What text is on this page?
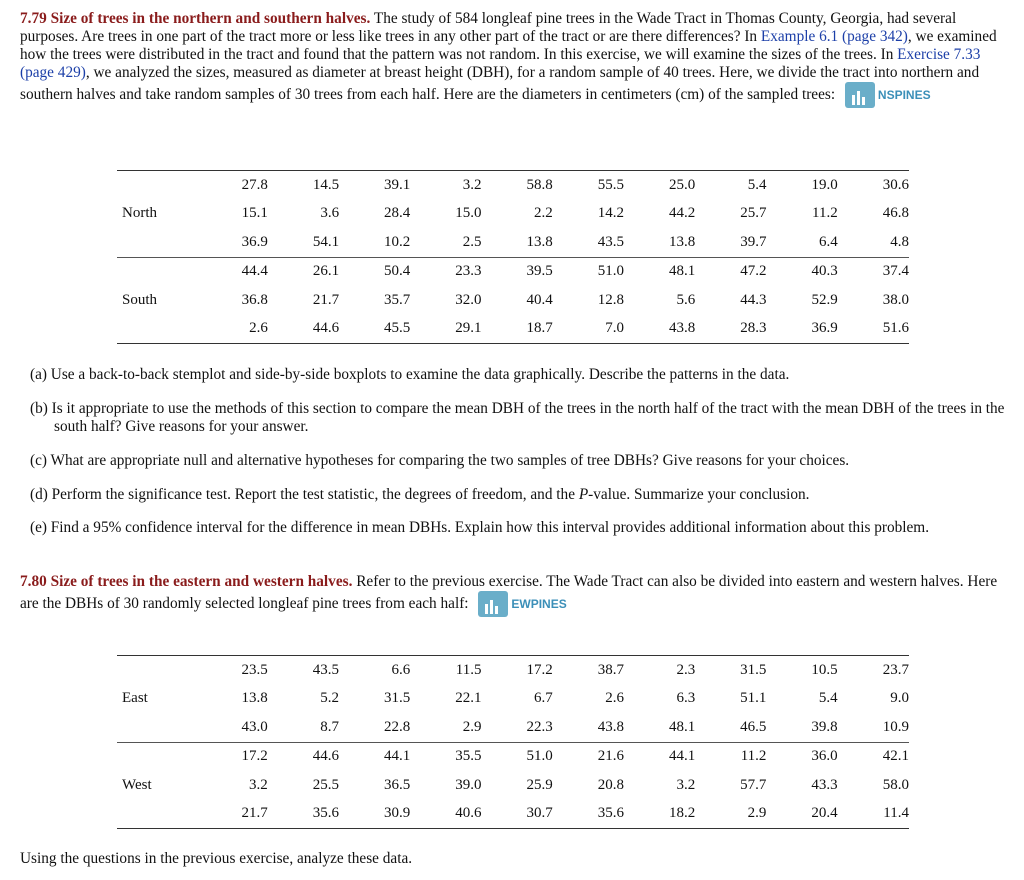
7.79 Size of trees in the northern and southern halves. The study of 584 longleaf pine trees in the Wade Tract in Thomas County, Georgia, had several purposes. Are trees in one part of the tract more or less like trees in any other part of the tract or are there differences? In Example 6.1 (page 342), we examined how the trees were distributed in the tract and found that the pattern was not random. In this exercise, we will examine the sizes of the trees. In Exercise 7.33 (page 429), we analyzed the sizes, measured as diameter at breast height (DBH), for a random sample of 40 trees. Here, we divide the tract into northern and southern halves and take random samples of 30 trees from each half. Here are the diameters in centimeters (cm) of the sampled trees:	NSPINES

	27.8	14.5	39.1	3.2	58.8	55.5	25.0	5.4	19.0	30.6
North	15.1	3.6	28.4	15.0	2.2	14.2	44.2	25.7	11.2	46.8
	36.9	54.1	10.2	2.5	13.8	43.5	13.8	39.7	6.4	4.8
	44.4	26.1	50.4	23.3	39.5	51.0	48.1	47.2	40.3	37.4
South	36.8	21.7	35.7	32.0	40.4	12.8	5.6	44.3	52.9	38.0
	2.6	44.6	45.5	29.1	18.7	7.0	43.8	28.3	36.9	51.6

(a) Use a back-to-back stemplot and side-by-side boxplots to examine the data graphically. Describe the patterns in the data.

(b) Is it appropriate to use the methods of this section to compare the mean DBH of the trees in the north half of the tract with the mean DBH of the trees in the south half? Give reasons for your answer.

(c) What are appropriate null and alternative hypotheses for comparing the two samples of tree DBHs? Give reasons for your choices.

(d) Perform the significance test. Report the test statistic, the degrees of freedom, and the P-value. Summarize your conclusion.

(e) Find a 95% confidence interval for the difference in mean DBHs. Explain how this interval provides additional information about this problem.

7.80 Size of trees in the eastern and western halves. Refer to the previous exercise. The Wade Tract can also be divided into eastern and western halves. Here are the DBHs of 30 randomly selected longleaf pine trees from each half:	EWPINES

	23.5	43.5	6.6	11.5	17.2	38.7	2.3	31.5	10.5	23.7
East	13.8	5.2	31.5	22.1	6.7	2.6	6.3	51.1	5.4	9.0
	43.0	8.7	22.8	2.9	22.3	43.8	48.1	46.5	39.8	10.9
	17.2	44.6	44.1	35.5	51.0	21.6	44.1	11.2	36.0	42.1
West	3.2	25.5	36.5	39.0	25.9	20.8	3.2	57.7	43.3	58.0
	21.7	35.6	30.9	40.6	30.7	35.6	18.2	2.9	20.4	11.4

Using the questions in the previous exercise, analyze these data.
